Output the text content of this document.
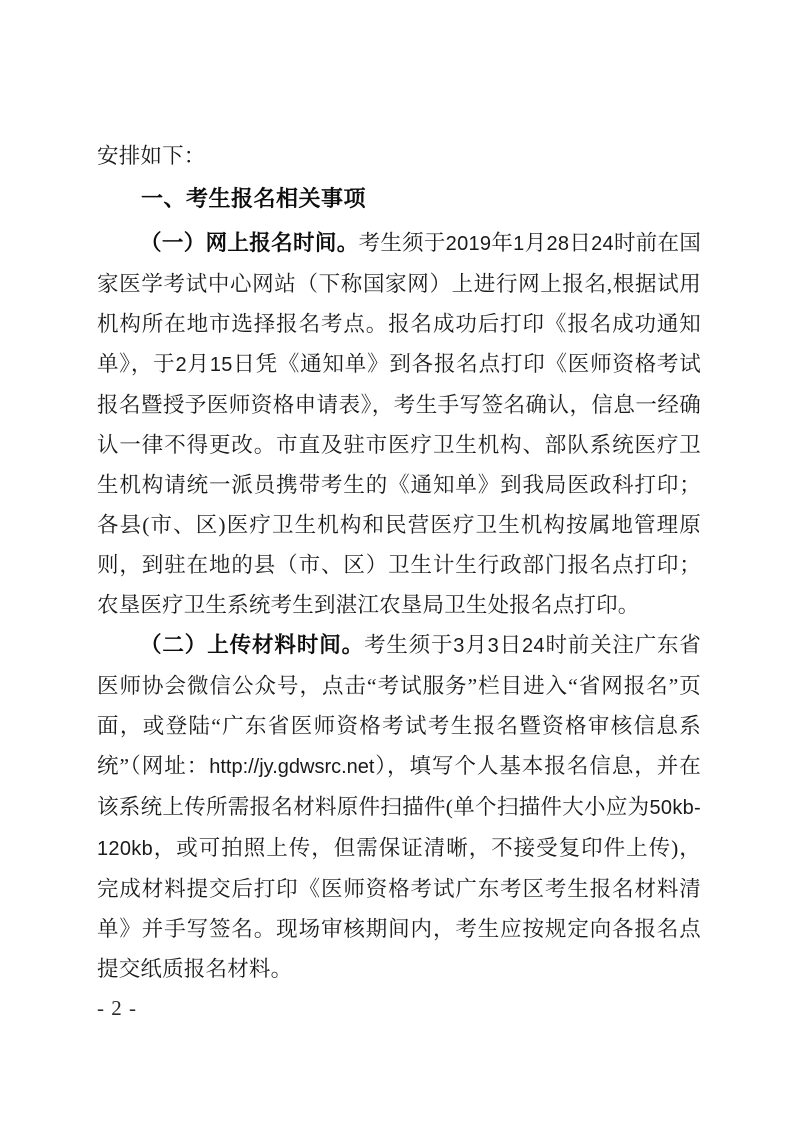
安排如下：

一、考生报名相关事项

（一）网上报名时间。考生须于2019年1月28日24时前在国家医学考试中心网站（下称国家网）上进行网上报名,根据试用机构所在地市选择报名考点。报名成功后打印《报名成功通知单》，于2月15日凭《通知单》到各报名点打印《医师资格考试报名暨授予医师资格申请表》，考生手写签名确认，信息一经确认一律不得更改。市直及驻市医疗卫生机构、部队系统医疗卫生机构请统一派员携带考生的《通知单》到我局医政科打印；各县(市、区)医疗卫生机构和民营医疗卫生机构按属地管理原则，到驻在地的县（市、区）卫生计生行政部门报名点打印；农垦医疗卫生系统考生到湛江农垦局卫生处报名点打印。

（二）上传材料时间。考生须于3月3日24时前关注广东省医师协会微信公众号，点击“考试服务”栏目进入“省网报名”页面，或登陆“广东省医师资格考试考生报名暨资格审核信息系统”（网址：http://jy.gdwsrc.net），填写个人基本报名信息，并在该系统上传所需报名材料原件扫描件(单个扫描件大小应为50kb-120kb，或可拍照上传，但需保证清晰，不接受复印件上传)，完成材料提交后打印《医师资格考试广东考区考生报名材料清单》并手写签名。现场审核期间内，考生应按规定向各报名点提交纸质报名材料。

- 2 -
